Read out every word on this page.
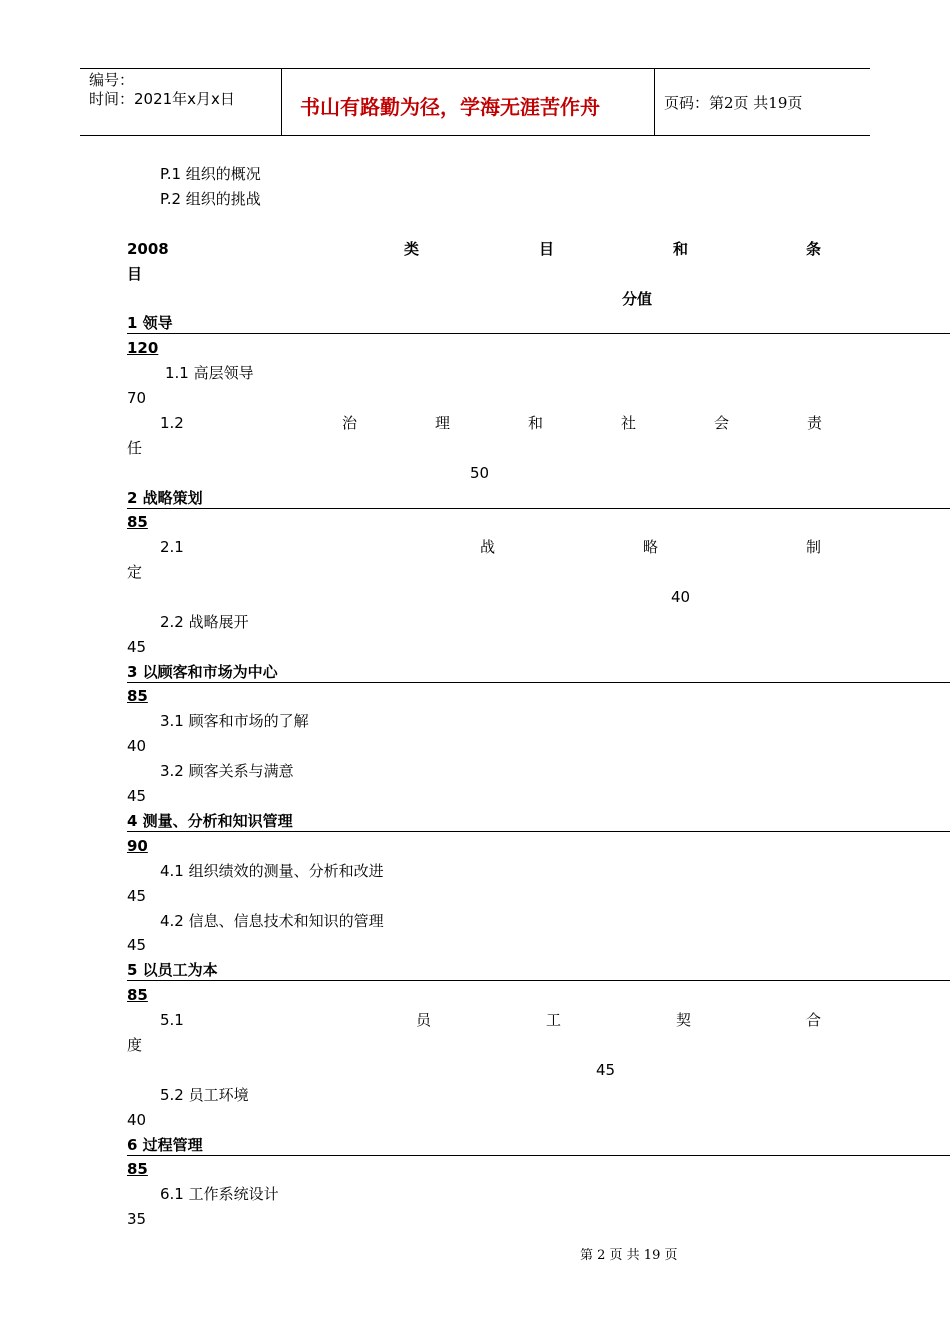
编号：
时间：2021年x月x日	书山有路勤为径，学海无涯苦作舟	页码：第2页 共19页
P.1 组织的概况
P.2 组织的挑战
2008	类	目	和	条
目
分值
1 领导
120
1.1 高层领导
70
1.2	治	理	和	社	会	责
任
50
2 战略策划
85
2.1	战	略	制
定
40
2.2 战略展开
45
3 以顾客和市场为中心
85
3.1 顾客和市场的了解
40
3.2 顾客关系与满意
45
4 测量、分析和知识管理
90
4.1 组织绩效的测量、分析和改进
45
4.2 信息、信息技术和知识的管理
45
5 以员工为本
85
5.1	员	工	契	合
度
45
5.2 员工环境
40
6 过程管理
85
6.1 工作系统设计
35
第 2 页 共 19 页
